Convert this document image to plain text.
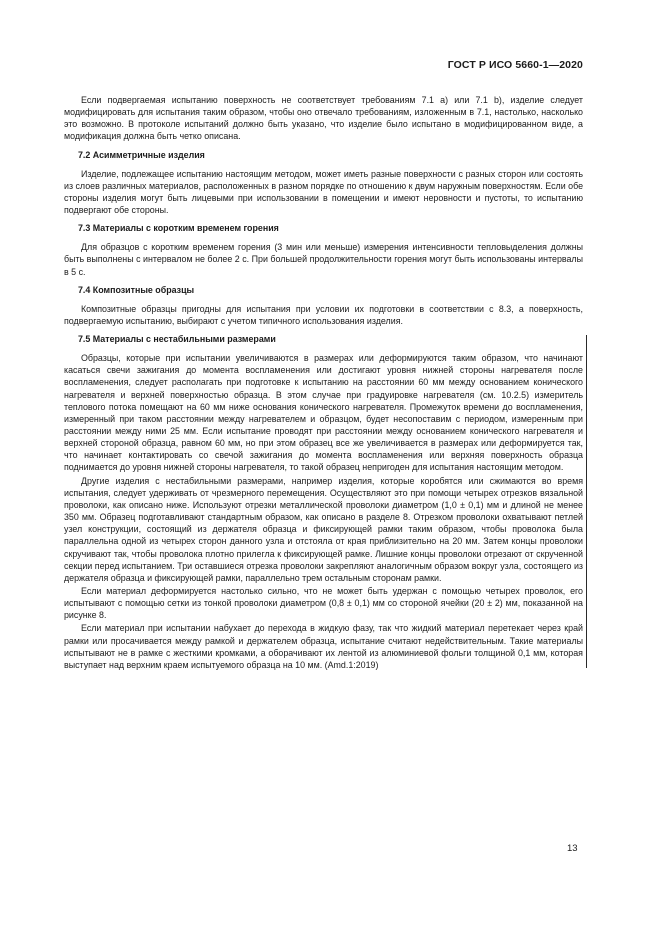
ГОСТ Р ИСО 5660-1—2020

Если подвергаемая испытанию поверхность не соответствует требованиям 7.1 а) или 7.1 b), изделие следует модифицировать для испытания таким образом, чтобы оно отвечало требованиям, изложенным в 7.1, настолько, насколько это возможно. В протоколе испытаний должно быть указано, что изделие было испытано в модифицированном виде, а модификация должна быть четко описана.

7.2 Асимметричные изделия

Изделие, подлежащее испытанию настоящим методом, может иметь разные поверхности с разных сторон или состоять из слоев различных материалов, расположенных в разном порядке по отношению к двум наружным поверхностям. Если обе стороны изделия могут быть лицевыми при использовании в помещении и имеют неровности и пустоты, то испытанию подвергают обе стороны.

7.3 Материалы с коротким временем горения

Для образцов с коротким временем горения (3 мин или меньше) измерения интенсивности тепловыделения должны быть выполнены с интервалом не более 2 с. При большей продолжительности горения могут быть использованы интервалы в 5 с.

7.4 Композитные образцы

Композитные образцы пригодны для испытания при условии их подготовки в соответствии с 8.3, а поверхность, подвергаемую испытанию, выбирают с учетом типичного использования изделия.

7.5 Материалы с нестабильными размерами

Образцы, которые при испытании увеличиваются в размерах или деформируются таким образом, что начинают касаться свечи зажигания до момента воспламенения или достигают уровня нижней стороны нагревателя после воспламенения, следует располагать при подготовке к испытанию на расстоянии 60 мм между основанием конического нагревателя и верхней поверхностью образца. В этом случае при градуировке нагревателя (см. 10.2.5) измеритель теплового потока помещают на 60 мм ниже основания конического нагревателя. Промежуток времени до воспламенения, измеренный при таком расстоянии между нагревателем и образцом, будет несопоставим с периодом, измеренным при расстоянии между ними 25 мм. Если испытание проводят при расстоянии между основанием конического нагревателя и верхней стороной образца, равном 60 мм, но при этом образец все же увеличивается в размерах или деформируется так, что начинает контактировать со свечой зажигания до момента воспламенения или верхняя поверхность образца поднимается до уровня нижней стороны нагревателя, то такой образец непригоден для испытания настоящим методом.

Другие изделия с нестабильными размерами, например изделия, которые коробятся или сжимаются во время испытания, следует удерживать от чрезмерного перемещения. Осуществляют это при помощи четырех отрезков вязальной проволоки, как описано ниже. Используют отрезки металлической проволоки диаметром (1,0 ± 0,1) мм и длиной не менее 350 мм. Образец подготавливают стандартным образом, как описано в разделе 8. Отрезком проволоки охватывают петлей узел конструкции, состоящий из держателя образца и фиксирующей рамки таким образом, чтобы проволока была параллельна одной из четырех сторон данного узла и отстояла от края приблизительно на 20 мм. Затем концы проволоки скручивают так, чтобы проволока плотно прилегла к фиксирующей рамке. Лишние концы проволоки отрезают от скрученной секции перед испытанием. Три оставшиеся отрезка проволоки закрепляют аналогичным образом вокруг узла, состоящего из держателя образца и фиксирующей рамки, параллельно трем остальным сторонам рамки.

Если материал деформируется настолько сильно, что не может быть удержан с помощью четырех проволок, его испытывают с помощью сетки из тонкой проволоки диаметром (0,8 ± 0,1) мм со стороной ячейки (20 ± 2) мм, показанной на рисунке 8.

Если материал при испытании набухает до перехода в жидкую фазу, так что жидкий материал перетекает через край рамки или просачивается между рамкой и держателем образца, испытание считают недействительным. Такие материалы испытывают не в рамке с жесткими кромками, а оборачивают их лентой из алюминиевой фольги толщиной 0,1 мм, которая выступает над верхним краем испытуемого образца на 10 мм. (Amd.1:2019)

13
